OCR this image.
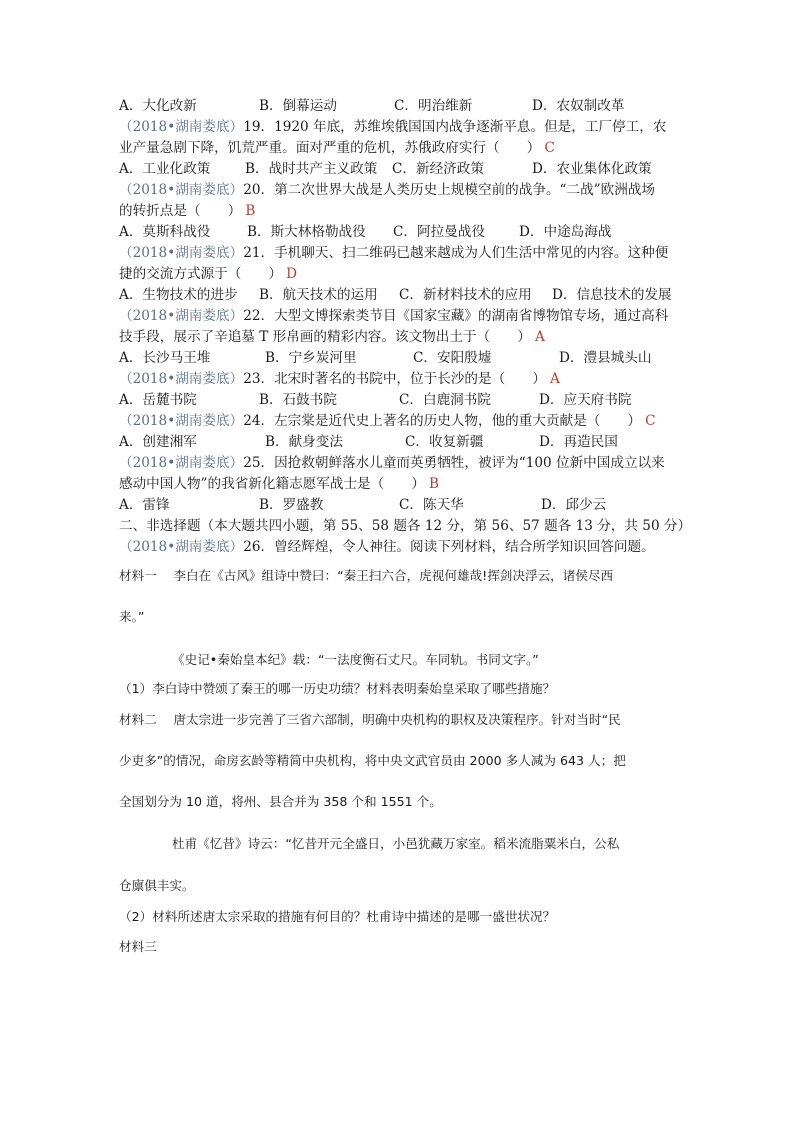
A．大化改新	B．倒幕运动	C．明治维新	D．农奴制改革
（2018•湖南娄底）19．1920 年底，苏维埃俄国国内战争逐渐平息。但是，工厂停工，农
业产量急剧下降，饥荒严重。面对严重的危机，苏俄政府实行（　　） C
A．工业化政策	B．战时共产主义政策 C．新经济政策	D．农业集体化政策
（2018•湖南娄底）20．第二次世界大战是人类历史上规模空前的战争。“二战”欧洲战场
的转折点是（　　） B
A．莫斯科战役	B．斯大林格勒战役 C．阿拉曼战役	D．中途岛海战
（2018•湖南娄底）21．手机聊天、扫二维码已越来越成为人们生活中常见的内容。这种便
捷的交流方式源于（　　） D
A．生物技术的进步 B．航天技术的运用 C．新材料技术的应用 D．信息技术的发展
（2018•湖南娄底）22．大型文博探索类节目《国家宝藏》的湖南省博物馆专场，通过高科
技手段，展示了辛追墓 T 形帛画的精彩内容。该文物出土于（　　） A
A．长沙马王堆	B．宁乡炭河里	C．安阳殷墟	D．澧县城头山
（2018•湖南娄底）23．北宋时著名的书院中，位于长沙的是（　　） A
A．岳麓书院	B．石鼓书院	C．白鹿洞书院	D．应天府书院
（2018•湖南娄底）24．左宗棠是近代史上著名的历史人物，他的重大贡献是（　　） C
A．创建湘军	B．献身变法	C．收复新疆	D．再造民国
（2018•湖南娄底）25．因抢救朝鲜落水儿童而英勇牺牲，被评为“100 位新中国成立以来
感动中国人物”的我省新化籍志愿军战士是（　　） B
A．雷锋	B．罗盛教	C．陈天华	D．邱少云
二、非选择题（本大题共四小题，第 55、58 题各 12 分，第 56、57 题各 13 分，共 50 分）
（2018•湖南娄底）26．曾经辉煌，令人神往。阅读下列材料，结合所学知识回答问题。
材料一　 李白在《古风》组诗中赞曰：“秦王扫六合，虎视何雄哉!挥剑决浮云，诸侯尽西
来。”
《史记•秦始皇本纪》载：“一法度衡石丈尺。车同轨。书同文字。”
（1）李白诗中赞颂了秦王的哪一历史功绩？材料表明秦始皇采取了哪些措施？
材料二　 唐太宗进一步完善了三省六部制，明确中央机构的职权及决策程序。针对当时“民
少吏多”的情况，命房玄龄等精简中央机构，将中央文武官员由 2000 多人减为 643 人；把
全国划分为 10 道，将州、县合并为 358 个和 1551 个。
杜甫《忆昔》诗云：“忆昔开元全盛日，小邑犹藏万家室。稻米流脂粟米白，公私
仓廪俱丰实。
（2）材料所述唐太宗采取的措施有何目的？杜甫诗中描述的是哪一盛世状况？
材料三
